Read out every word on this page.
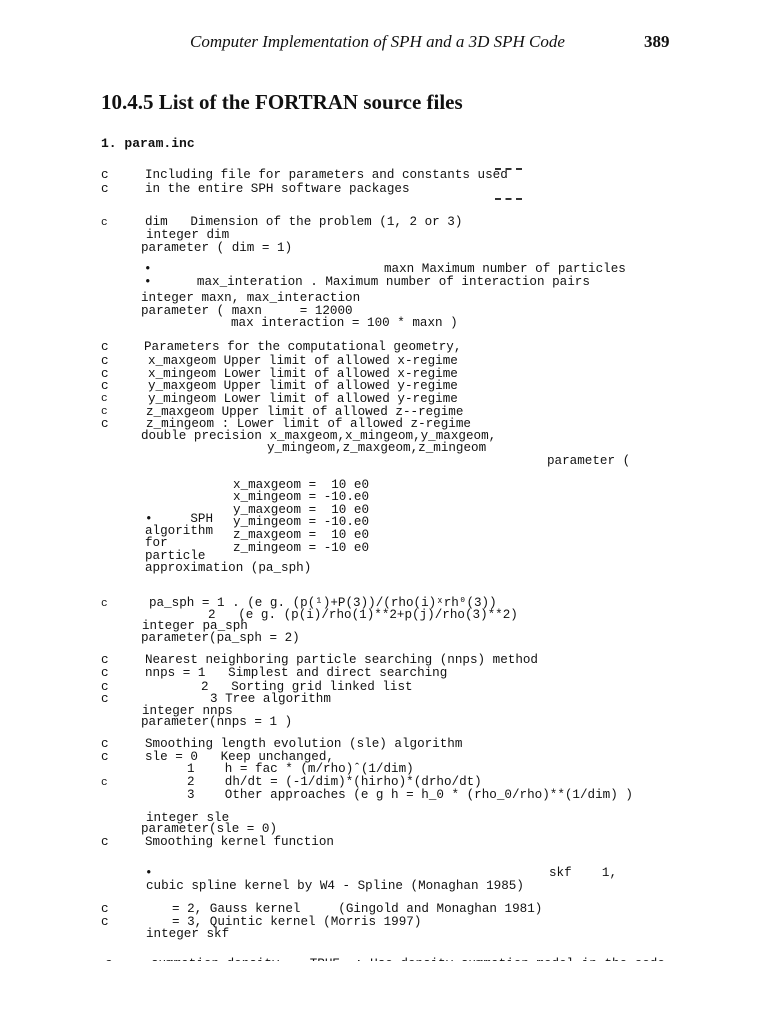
Computer Implementation of SPH and a 3D SPH Code	389
10.4.5 List of the FORTRAN source files
1. param.inc
c
c
c
c
c
c
c
c
c
c
c
c
c
c
c
c
c
c
c
c
c
Including file for parameters and constants used
in the entire SPH software packages
dim   Dimension of the problem (1, 2 or 3)
integer dim
parameter ( dim = 1)
•	maxn Maximum number of particles
•      max_interation . Maximum number of interaction pairs
integer maxn, max_interaction
parameter ( maxn     = 12000
max interaction = 100 * maxn )
Parameters for the computational geometry,
x_maxgeom Upper limit of allowed x-regime
x_mingeom Lower limit of allowed x-regime
y_maxgeom Upper limit of allowed y-regime
y_mingeom Lower limit of allowed y-regime
z_maxgeom Upper limit of allowed z--regime
z_mingeom : Lower limit of allowed z-regime
double precision x_maxgeom,x_mingeom,y_maxgeom,
y_mingeom,z_maxgeom,z_mingeom
parameter (
x_maxgeom =  10 e0
x_mingeom = -10.e0
y_maxgeom =  10 e0
y_mingeom = -10.e0
z_maxgeom =  10 e0
z_mingeom = -10 e0
•     SPH
algorithm
for
particle
approximation (pa_sph)
pa_sph = 1 . (e g. (p(¹)+P(3))/(rho(i)ˣrh⁰(3))
2   (e g. (p(i)/rho(1)**2+p(j)/rho(3)**2)
integer pa_sph
parameter(pa_sph = 2)
Nearest neighboring particle searching (nnps) method
nnps = 1   Simplest and direct searching
2   Sorting grid linked list
3 Tree algorithm
integer nnps
parameter(nnps = 1 )
Smoothing length evolution (sle) algorithm
sle = 0   Keep unchanged,
1    h = fac * (m/rho)ˆ(1/dim)
2    dh/dt = (-1/dim)*(hirho)*(drho/dt)
3    Other approaches (e g h = h_0 * (rho_0/rho)**(1/dim) )
integer sle
parameter(sle = 0)
Smoothing kernel function
•	skf    1,
cubic spline kernel by W4 - Spline (Monaghan 1985)
= 2, Gauss kernel     (Gingold and Monaghan 1981)
= 3, Quintic kernel (Morris 1997)
integer skf
